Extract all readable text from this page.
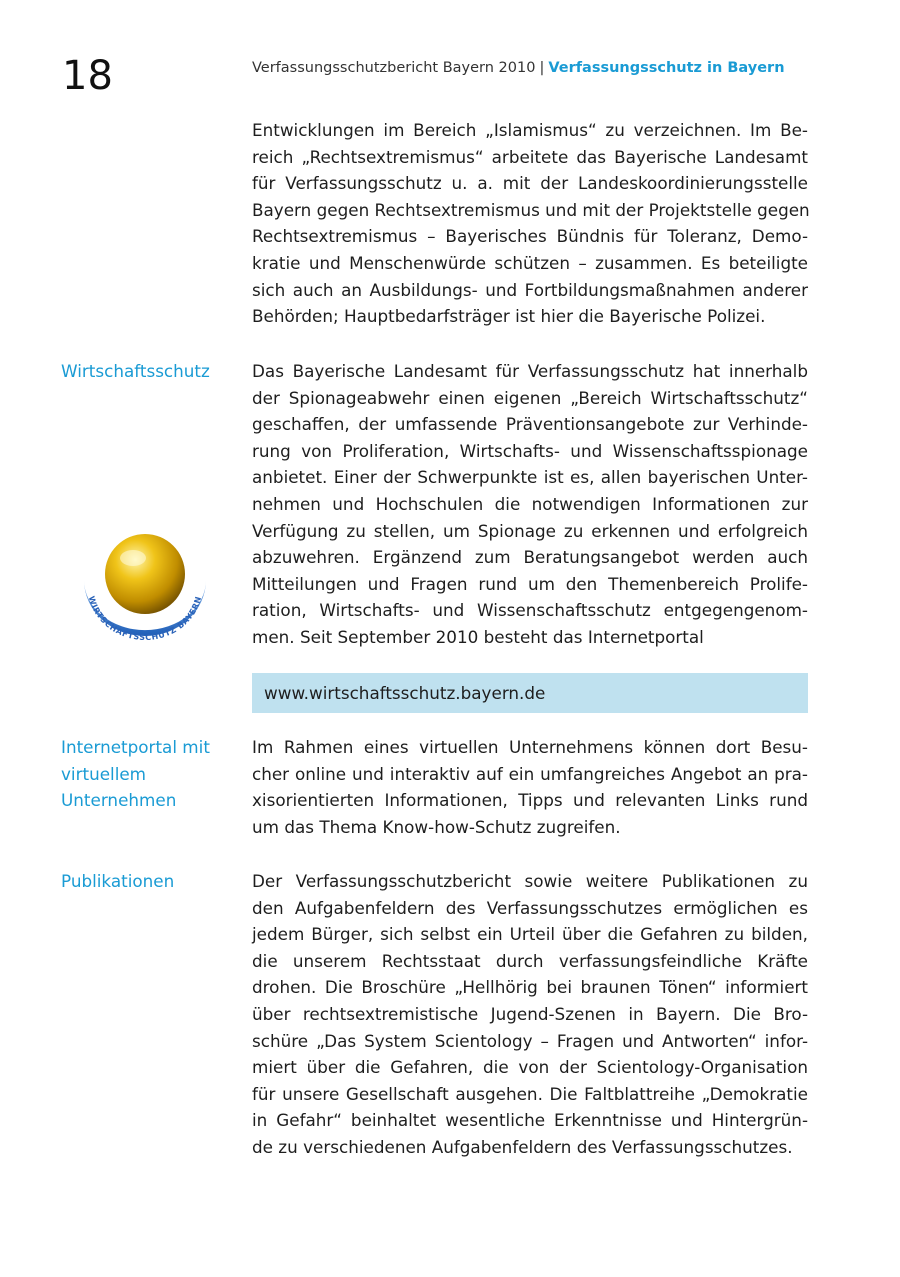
18	Verfassungsschutzbericht Bayern 2010 | Verfassungsschutz in Bayern

Entwicklungen im Bereich „Islamismus“ zu verzeichnen. Im Be-
reich „Rechtsextremismus“ arbeitete das Bayerische Landesamt
für Verfassungsschutz u. a. mit der Landeskoordinierungsstelle
Bayern gegen Rechtsextremismus und mit der Projektstelle gegen
Rechtsextremismus – Bayerisches Bündnis für Toleranz, Demo-
kratie und Menschenwürde schützen – zusammen. Es beteiligte
sich auch an Ausbildungs- und Fortbildungsmaßnahmen anderer
Behörden; Hauptbedarfsträger ist hier die Bayerische Polizei.

Wirtschaftsschutz	Das Bayerische Landesamt für Verfassungsschutz hat innerhalb
der Spionageabwehr einen eigenen „Bereich Wirtschaftsschutz“
geschaffen, der umfassende Präventionsangebote zur Verhinde-
rung von Proliferation, Wirtschafts- und Wissenschaftsspionage
anbietet. Einer der Schwerpunkte ist es, allen bayerischen Unter-
nehmen und Hochschulen die notwendigen Informationen zur
Verfügung zu stellen, um Spionage zu erkennen und erfolgreich
abzuwehren. Ergänzend zum Beratungsangebot werden auch
Mitteilungen und Fragen rund um den Themenbereich Prolife-
ration, Wirtschafts- und Wissenschaftsschutz entgegengenom-
men. Seit September 2010 besteht das Internetportal

WIRTSCHAFTSSCHUTZ BAYERN
www.wirtschaftsschutz.bayern.de
Internetportal mit
virtuellem
Unternehmen

Im Rahmen eines virtuellen Unternehmens können dort Besu-
cher online und interaktiv auf ein umfangreiches Angebot an pra-
xisorientierten Informationen, Tipps und relevanten Links rund
um das Thema Know-how-Schutz zugreifen.

Publikationen	Der Verfassungsschutzbericht sowie weitere Publikationen zu
den Aufgabenfeldern des Verfassungsschutzes ermöglichen es
jedem Bürger, sich selbst ein Urteil über die Gefahren zu bilden,
die unserem Rechtsstaat durch verfassungsfeindliche Kräfte
drohen. Die Broschüre „Hellhörig bei braunen Tönen“ informiert
über rechtsextremistische Jugend-Szenen in Bayern. Die Bro-
schüre „Das System Scientology – Fragen und Antworten“ infor-
miert über die Gefahren, die von der Scientology-Organisation
für unsere Gesellschaft ausgehen. Die Faltblattreihe „Demokratie
in Gefahr“ beinhaltet wesentliche Erkenntnisse und Hintergrün-
de zu verschiedenen Aufgabenfeldern des Verfassungsschutzes.
